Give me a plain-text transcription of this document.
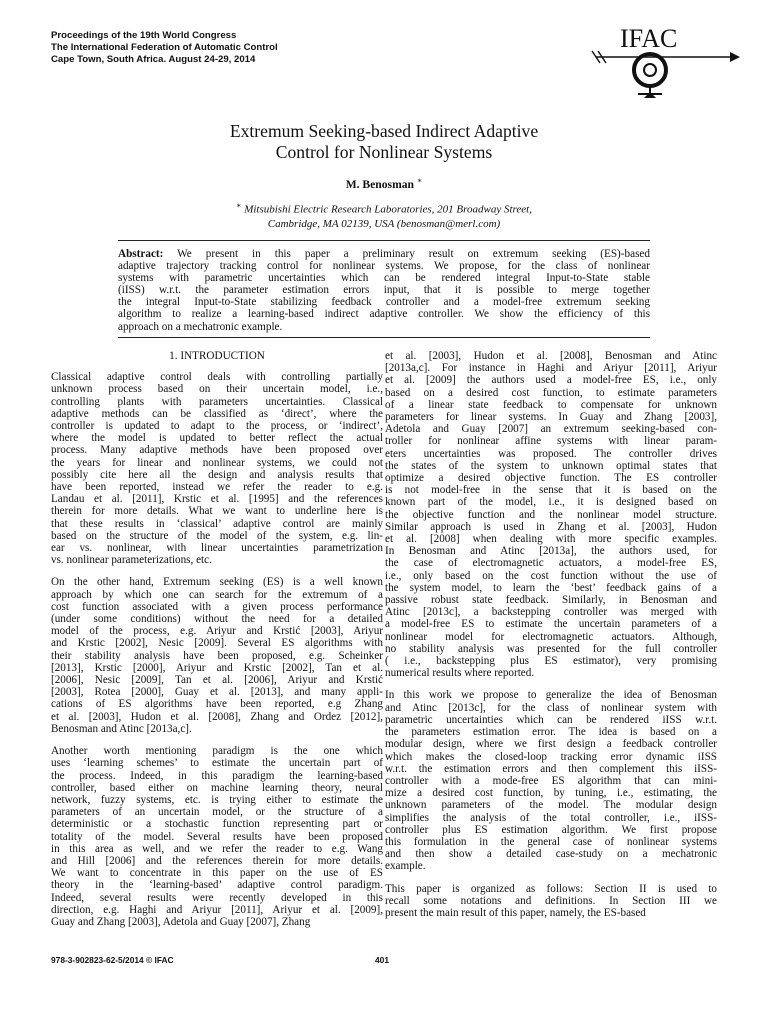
Proceedings of the 19th World Congress
The International Federation of Automatic Control
Cape Town, South Africa. August 24-29, 2014
IFAC
Extremum Seeking-based Indirect Adaptive
Control for Nonlinear Systems
M. Benosman ∗
∗ Mitsubishi Electric Research Laboratories, 201 Broadway Street,
Cambridge, MA 02139, USA (benosman@merl.com)
Abstract: We present in this paper a preliminary result on extremum seeking (ES)-based
adaptive trajectory tracking control for nonlinear systems. We propose, for the class of nonlinear
systems with parametric uncertainties which can be rendered integral Input-to-State stable
(iISS) w.r.t. the parameter estimation errors input, that it is possible to merge together
the integral Input-to-State stabilizing feedback controller and a model-free extremum seeking
algorithm to realize a learning-based indirect adaptive controller. We show the efficiency of this
approach on a mechatronic example.
1. INTRODUCTION
Classical adaptive control deals with controlling partially
unknown process based on their uncertain model, i.e.,
controlling plants with parameters uncertainties. Classical
adaptive methods can be classified as ‘direct’, where the
controller is updated to adapt to the process, or ‘indirect’,
where the model is updated to better reflect the actual
process. Many adaptive methods have been proposed over
the years for linear and nonlinear systems, we could not
possibly cite here all the design and analysis results that
have been reported, instead we refer the reader to e.g.
Landau et al. [2011], Krstic et al. [1995] and the references
therein for more details. What we want to underline here is
that these results in ‘classical’ adaptive control are mainly
based on the structure of the model of the system, e.g. lin-
ear vs. nonlinear, with linear uncertainties parametrization
vs. nonlinear parameterizations, etc.
On the other hand, Extremum seeking (ES) is a well known
approach by which one can search for the extremum of a
cost function associated with a given process performance
(under some conditions) without the need for a detailed
model of the process, e.g. Ariyur and Krstić [2003], Ariyur
and Krstic [2002], Nesic [2009]. Several ES algorithms with
their stability analysis have been proposed, e.g. Scheinker
[2013], Krstic [2000], Ariyur and Krstic [2002], Tan et al.
[2006], Nesic [2009], Tan et al. [2006], Ariyur and Krstić
[2003], Rotea [2000], Guay et al. [2013], and many appli-
cations of ES algorithms have been reported, e.g Zhang
et al. [2003], Hudon et al. [2008], Zhang and Ordez [2012],
Benosman and Atinc [2013a,c].
Another worth mentioning paradigm is the one which
uses ‘learning schemes’ to estimate the uncertain part of
the process. Indeed, in this paradigm the learning-based
controller, based either on machine learning theory, neural
network, fuzzy systems, etc. is trying either to estimate the
parameters of an uncertain model, or the structure of a
deterministic or a stochastic function representing part or
totality of the model. Several results have been proposed
in this area as well, and we refer the reader to e.g. Wang
and Hill [2006] and the references therein for more details.
We want to concentrate in this paper on the use of ES
theory in the ‘learning-based’ adaptive control paradigm.
Indeed, several results were recently developed in this
direction, e.g. Haghi and Ariyur [2011], Ariyur et al. [2009],
Guay and Zhang [2003], Adetola and Guay [2007], Zhang
et al. [2003], Hudon et al. [2008], Benosman and Atinc
[2013a,c]. For instance in Haghi and Ariyur [2011], Ariyur
et al. [2009] the authors used a model-free ES, i.e., only
based on a desired cost function, to estimate parameters
of a linear state feedback to compensate for unknown
parameters for linear systems. In Guay and Zhang [2003],
Adetola and Guay [2007] an extremum seeking-based con-
troller for nonlinear affine systems with linear param-
eters uncertainties was proposed. The controller drives
the states of the system to unknown optimal states that
optimize a desired objective function. The ES controller
is not model-free in the sense that it is based on the
known part of the model, i.e., it is designed based on
the objective function and the nonlinear model structure.
Similar approach is used in Zhang et al. [2003], Hudon
et al. [2008] when dealing with more specific examples.
In Benosman and Atinc [2013a], the authors used, for
the case of electromagnetic actuators, a model-free ES,
i.e., only based on the cost function without the use of
the system model, to learn the ‘best’ feedback gains of a
passive robust state feedback. Similarly, in Benosman and
Atinc [2013c], a backstepping controller was merged with
a model-free ES to estimate the uncertain parameters of a
nonlinear model for electromagnetic actuators. Although,
no stability analysis was presented for the full controller
( i.e., backstepping plus ES estimator), very promising
numerical results where reported.
In this work we propose to generalize the idea of Benosman
and Atinc [2013c], for the class of nonlinear system with
parametric uncertainties which can be rendered iISS w.r.t.
the parameters estimation error. The idea is based on a
modular design, where we first design a feedback controller
which makes the closed-loop tracking error dynamic iISS
w.r.t. the estimation errors and then complement this iISS-
controller with a mode-free ES algorithm that can mini-
mize a desired cost function, by tuning, i.e., estimating, the
unknown parameters of the model. The modular design
simplifies the analysis of the total controller, i.e., iISS-
controller plus ES estimation algorithm. We first propose
this formulation in the general case of nonlinear systems
and then show a detailed case-study on a mechatronic
example.
This paper is organized as follows: Section II is used to
recall some notations and definitions. In Section III we
present the main result of this paper, namely, the ES-based
978-3-902823-62-5/2014 © IFAC	401
